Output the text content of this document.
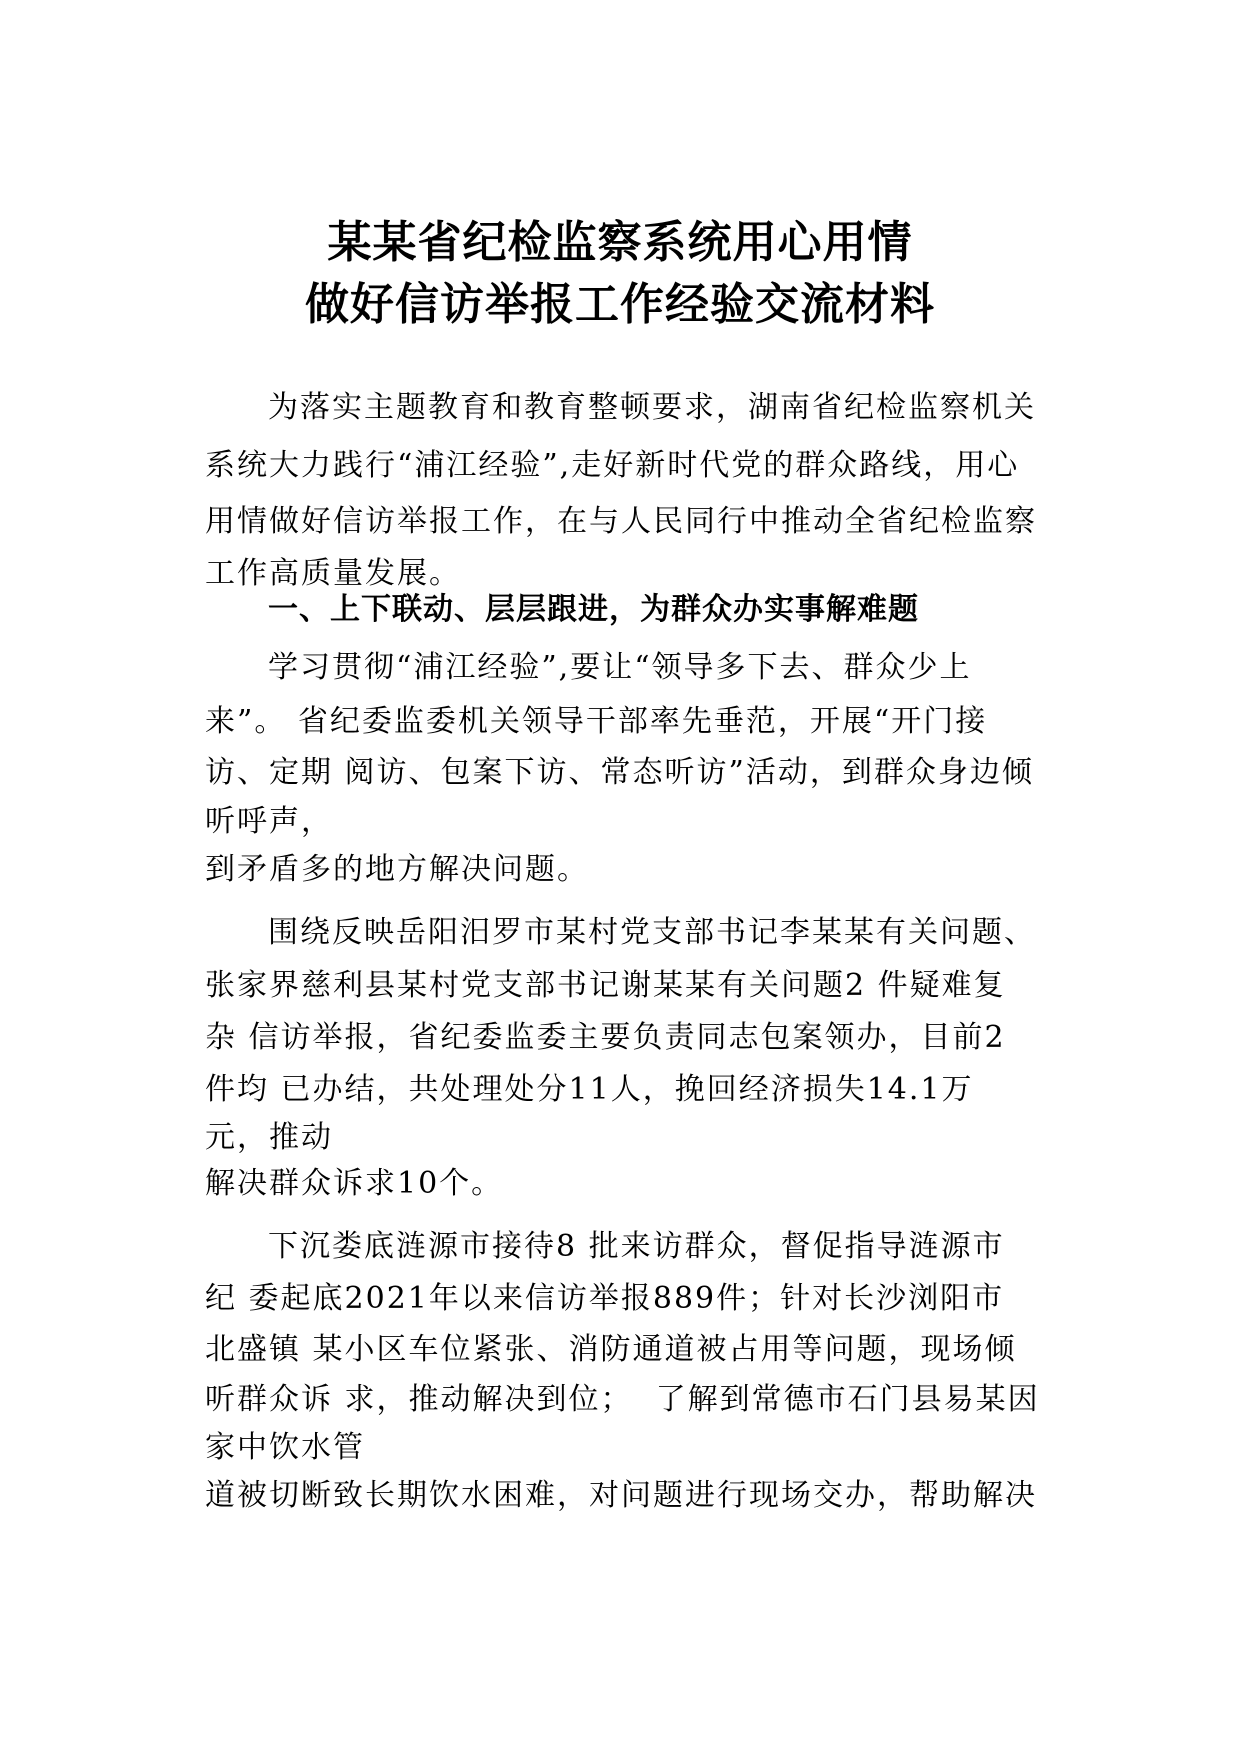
某某省纪检监察系统用心用情
做好信访举报工作经验交流材料
为落实主题教育和教育整顿要求，湖南省纪检监察机关
系统大力践行“浦江经验”,走好新时代党的群众路线，用心
用情做好信访举报工作，在与人民同行中推动全省纪检监察
工作高质量发展。
一、上下联动、层层跟进，为群众办实事解难题
学习贯彻“浦江经验”,要让“领导多下去、群众少上
来”。 省纪委监委机关领导干部率先垂范，开展“开门接
访、定期 阅访、包案下访、常态听访”活动，到群众身边倾
听呼声，
到矛盾多的地方解决问题。
围绕反映岳阳汨罗市某村党支部书记李某某有关问题、
张家界慈利县某村党支部书记谢某某有关问题2 件疑难复
杂 信访举报，省纪委监委主要负责同志包案领办，目前2
件均 已办结，共处理处分11人，挽回经济损失14.1万
元，推动
解决群众诉求10个。
下沉娄底涟源市接待8 批来访群众，督促指导涟源市
纪 委起底2021年以来信访举报889件；针对长沙浏阳市
北盛镇 某小区车位紧张、消防通道被占用等问题，现场倾
听群众诉 求，推动解决到位；  了解到常德市石门县易某因
家中饮水管
道被切断致长期饮水困难，对问题进行现场交办，帮助解决
